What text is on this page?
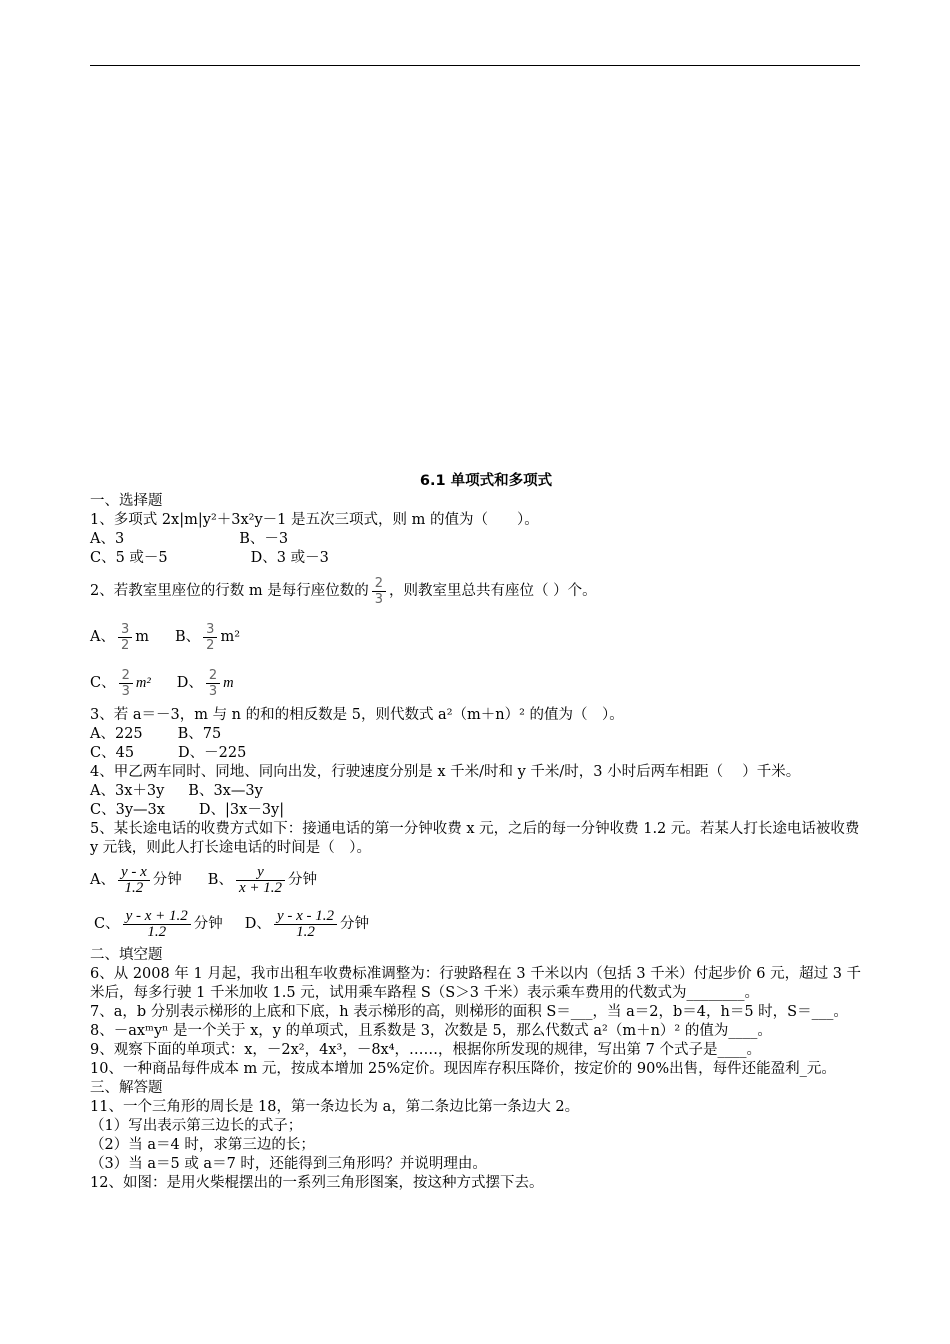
6.1 单项式和多项式
一、选择题
1、多项式 2x|m|y²＋3x²y－1 是五次三项式，则 m 的值为（　　）。
A、3	B、－3
C、5 或－5	D、3 或－3
2、若教室里座位的行数 m 是每行座位数的 $\frac{2}{3}$ ，则教室里总共有座位（ ）个。
A、 $\frac{3}{2}$ m B、 $\frac{3}{2} m^2$
C、 $\frac{2}{3} m^2$ D、 $\frac{2}{3}$ m
3、若 a＝－3，m 与 n 的和的相反数是 5，则代数式 a²（m＋n）² 的值为（　）。
A、225 B、75
C、45	D、－225
4、甲乙两车同时、同地、同向出发，行驶速度分别是 x 千米/时和 y 千米/时，3 小时后两车相距（　 ）千米。
A、3x＋3y B、3x—3y
C、3y—3x D、|3x－3y|
5、某长途电话的收费方式如下：接通电话的第一分钟收费 x 元，之后的每一分钟收费 1.2 元。若某人打长途电话被收费 y 元钱，则此人打长途电话的时间是（　）。
A、 $\frac{y - x}{1.2}$ 分钟 B、 $\frac{y}{x + 1.2}$ 分钟
C、 $\frac{y - x + 1.2}{1.2}$ 分钟 D、 $\frac{y - x - 1.2}{1.2}$ 分钟
二、填空题
6、从 2008 年 1 月起，我市出租车收费标准调整为：行驶路程在 3 千米以内（包括 3 千米）付起步价 6 元，超过 3 千米后，每多行驶 1 千米加收 1.5 元，试用乘车路程 S（S＞3 千米）表示乘车费用的代数式为________。
7、a，b 分别表示梯形的上底和下底，h 表示梯形的高，则梯形的面积 S＝___，当 a＝2，b＝4，h＝5 时，S＝___。
8、－axᵐyⁿ 是一个关于 x，y 的单项式，且系数是 3，次数是 5，那么代数式 a²（m＋n）² 的值为____。
9、观察下面的单项式：x，－2x²，4x³，－8x⁴，……，根据你所发现的规律，写出第 7 个式子是____。
10、一种商品每件成本 m 元，按成本增加 25%定价。现因库存积压降价，按定价的 90%出售，每件还能盈利_元。
三、解答题
11、一个三角形的周长是 18，第一条边长为 a，第二条边比第一条边大 2。
（1）写出表示第三边长的式子；
（2）当 a＝4 时，求第三边的长；
（3）当 a＝5 或 a＝7 时，还能得到三角形吗？并说明理由。
12、如图：是用火柴棍摆出的一系列三角形图案，按这种方式摆下去。
